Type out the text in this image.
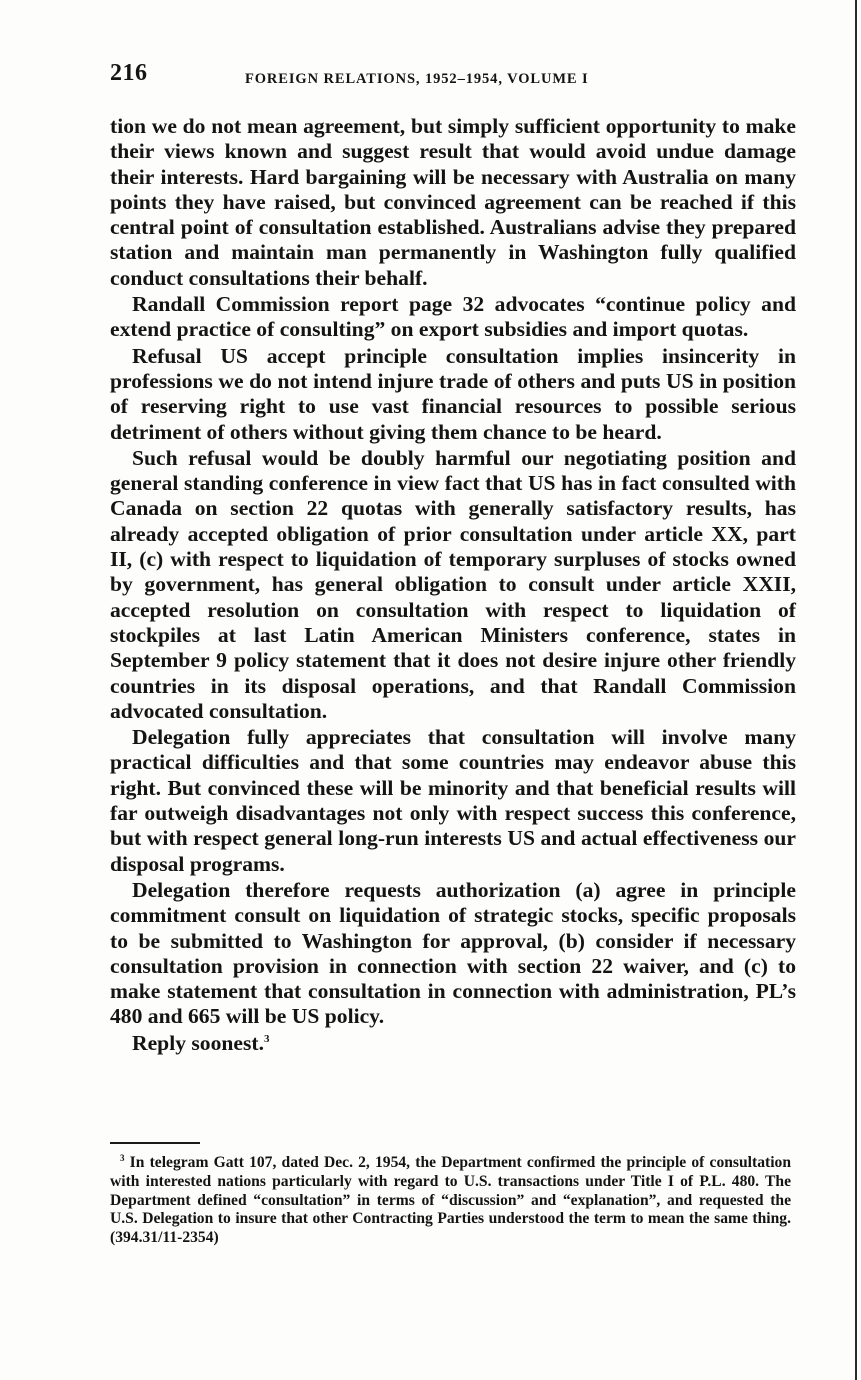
216	FOREIGN RELATIONS, 1952–1954, VOLUME I

tion we do not mean agreement, but simply sufficient opportunity to make their views known and suggest result that would avoid undue damage their interests. Hard bargaining will be necessary with Australia on many points they have raised, but convinced agreement can be reached if this central point of consultation established. Australians advise they prepared station and maintain man permanently in Washington fully qualified conduct consultations their behalf.

Randall Commission report page 32 advocates “continue policy and extend practice of consulting” on export subsidies and import quotas.

Refusal US accept principle consultation implies insincerity in professions we do not intend injure trade of others and puts US in position of reserving right to use vast financial resources to possible serious detriment of others without giving them chance to be heard.

Such refusal would be doubly harmful our negotiating position and general standing conference in view fact that US has in fact consulted with Canada on section 22 quotas with generally satisfactory results, has already accepted obligation of prior consultation under article XX, part II, (c) with respect to liquidation of temporary surpluses of stocks owned by government, has general obligation to consult under article XXII, accepted resolution on consultation with respect to liquidation of stockpiles at last Latin American Ministers conference, states in September 9 policy statement that it does not desire injure other friendly countries in its disposal operations, and that Randall Commission advocated consultation.

Delegation fully appreciates that consultation will involve many practical difficulties and that some countries may endeavor abuse this right. But convinced these will be minority and that beneficial results will far outweigh disadvantages not only with respect success this conference, but with respect general long-run interests US and actual effectiveness our disposal programs.

Delegation therefore requests authorization (a) agree in principle commitment consult on liquidation of strategic stocks, specific proposals to be submitted to Washington for approval, (b) consider if necessary consultation provision in connection with section 22 waiver, and (c) to make statement that consultation in connection with administration, PL’s 480 and 665 will be US policy.

Reply soonest.$^3$

$^3$ In telegram Gatt 107, dated Dec. 2, 1954, the Department confirmed the principle of consultation with interested nations particularly with regard to U.S. transactions under Title I of P.L. 480. The Department defined “consultation” in terms of “discussion” and “explanation”, and requested the U.S. Delegation to insure that other Contracting Parties understood the term to mean the same thing. (394.31/11-2354)
